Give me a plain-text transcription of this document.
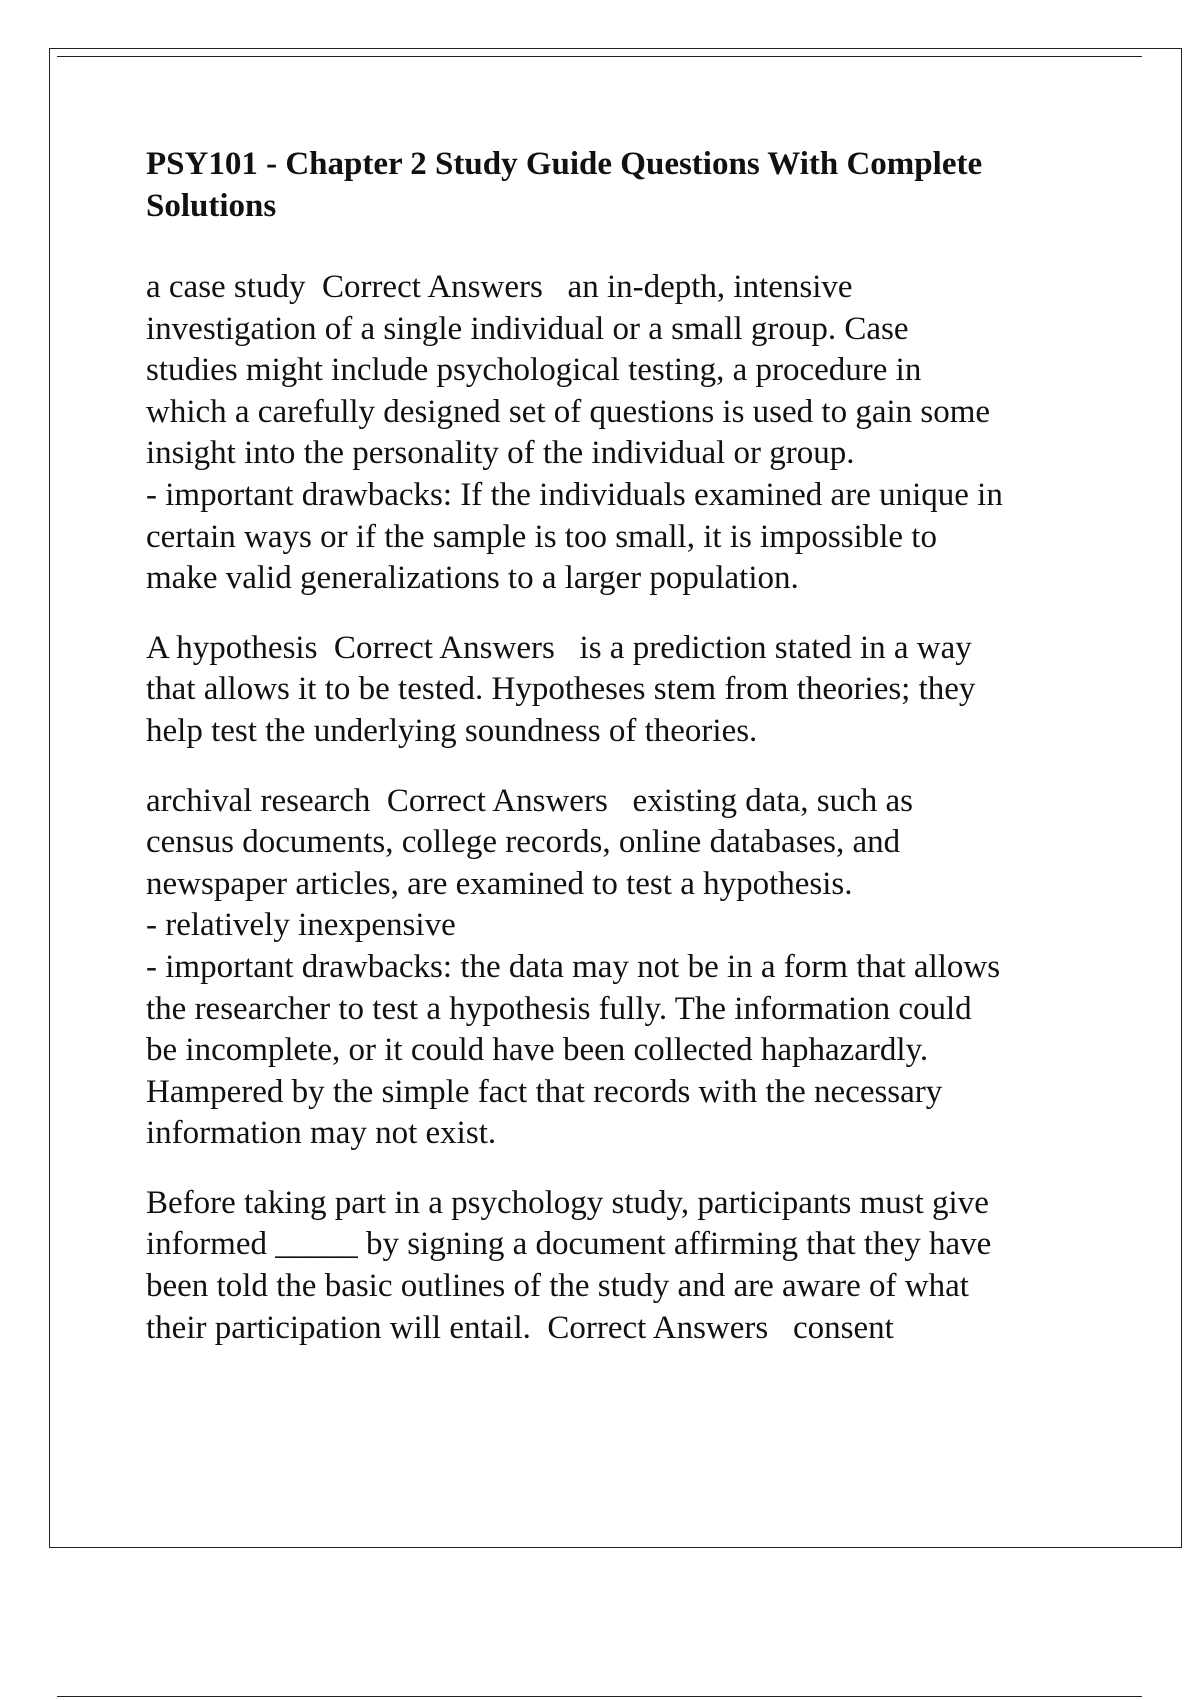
PSY101 - Chapter 2 Study Guide Questions With Complete
Solutions
a case study  Correct Answers   an in-depth, intensive
investigation of a single individual or a small group. Case
studies might include psychological testing, a procedure in
which a carefully designed set of questions is used to gain some
insight into the personality of the individual or group.
- important drawbacks: If the individuals examined are unique in
certain ways or if the sample is too small, it is impossible to
make valid generalizations to a larger population.
A hypothesis  Correct Answers   is a prediction stated in a way
that allows it to be tested. Hypotheses stem from theories; they
help test the underlying soundness of theories.
archival research  Correct Answers   existing data, such as
census documents, college records, online databases, and
newspaper articles, are examined to test a hypothesis.
- relatively inexpensive
- important drawbacks: the data may not be in a form that allows
the researcher to test a hypothesis fully. The information could
be incomplete, or it could have been collected haphazardly.
Hampered by the simple fact that records with the necessary
information may not exist.
Before taking part in a psychology study, participants must give
informed _____ by signing a document affirming that they have
been told the basic outlines of the study and are aware of what
their participation will entail.  Correct Answers   consent
